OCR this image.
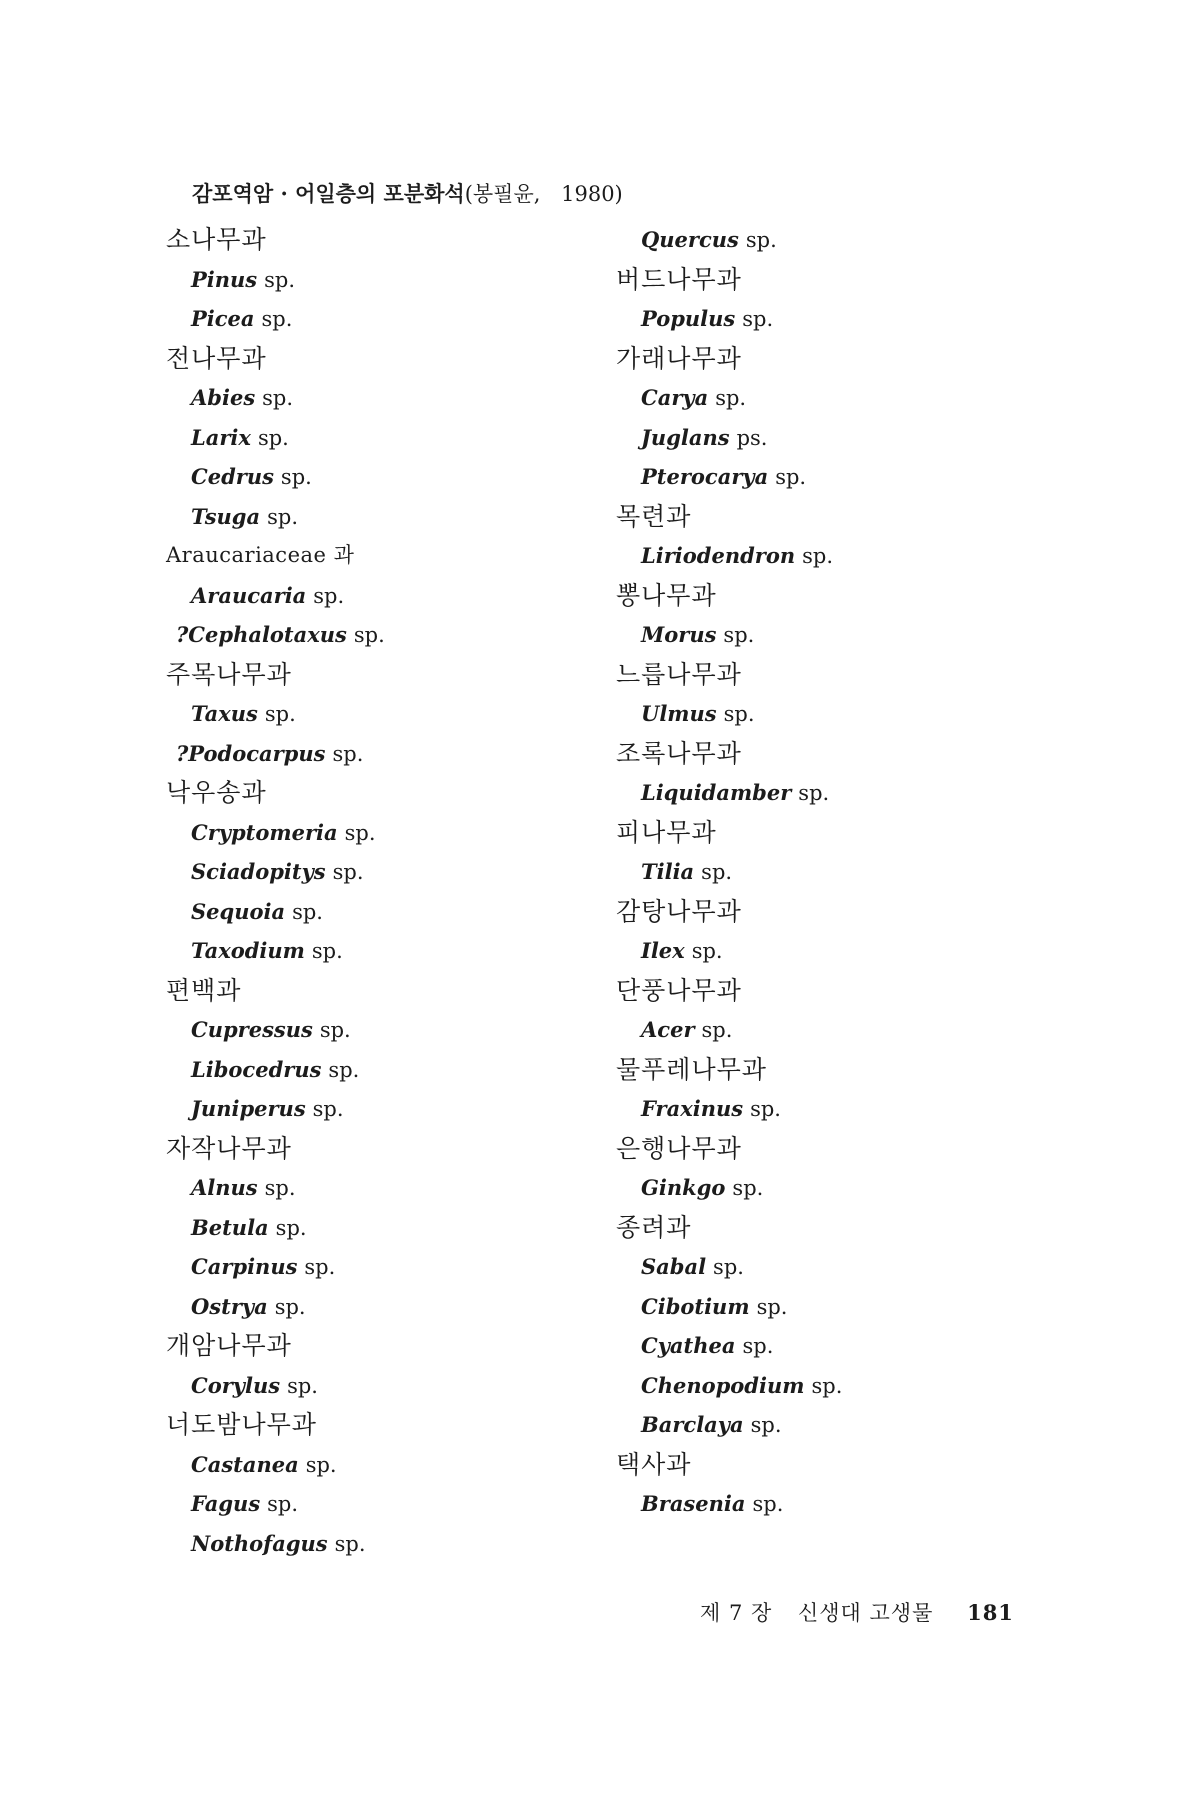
감포역암 · 어일층의 포분화석(봉필윤, 1980)
소나무과
Pinus sp.
Picea sp.
전나무과
Abies sp.
Larix sp.
Cedrus sp.
Tsuga sp.
Araucariaceae 과
Araucaria sp.
?Cephalotaxus sp.
주목나무과
Taxus sp.
?Podocarpus sp.
낙우송과
Cryptomeria sp.
Sciadopitys sp.
Sequoia sp.
Taxodium sp.
편백과
Cupressus sp.
Libocedrus sp.
Juniperus sp.
자작나무과
Alnus sp.
Betula sp.
Carpinus sp.
Ostrya sp.
개암나무과
Corylus sp.
너도밤나무과
Castanea sp.
Fagus sp.
Nothofagus sp.
Quercus sp.
버드나무과
Populus sp.
가래나무과
Carya sp.
Juglans ps.
Pterocarya sp.
목련과
Liriodendron sp.
뽕나무과
Morus sp.
느릅나무과
Ulmus sp.
조록나무과
Liquidamber sp.
피나무과
Tilia sp.
감탕나무과
Ilex sp.
단풍나무과
Acer sp.
물푸레나무과
Fraxinus sp.
은행나무과
Ginkgo sp.
종려과
Sabal sp.
Cibotium sp.
Cyathea sp.
Chenopodium sp.
Barclaya sp.
택사과
Brasenia sp.
제 7 장 신생대 고생물 181
